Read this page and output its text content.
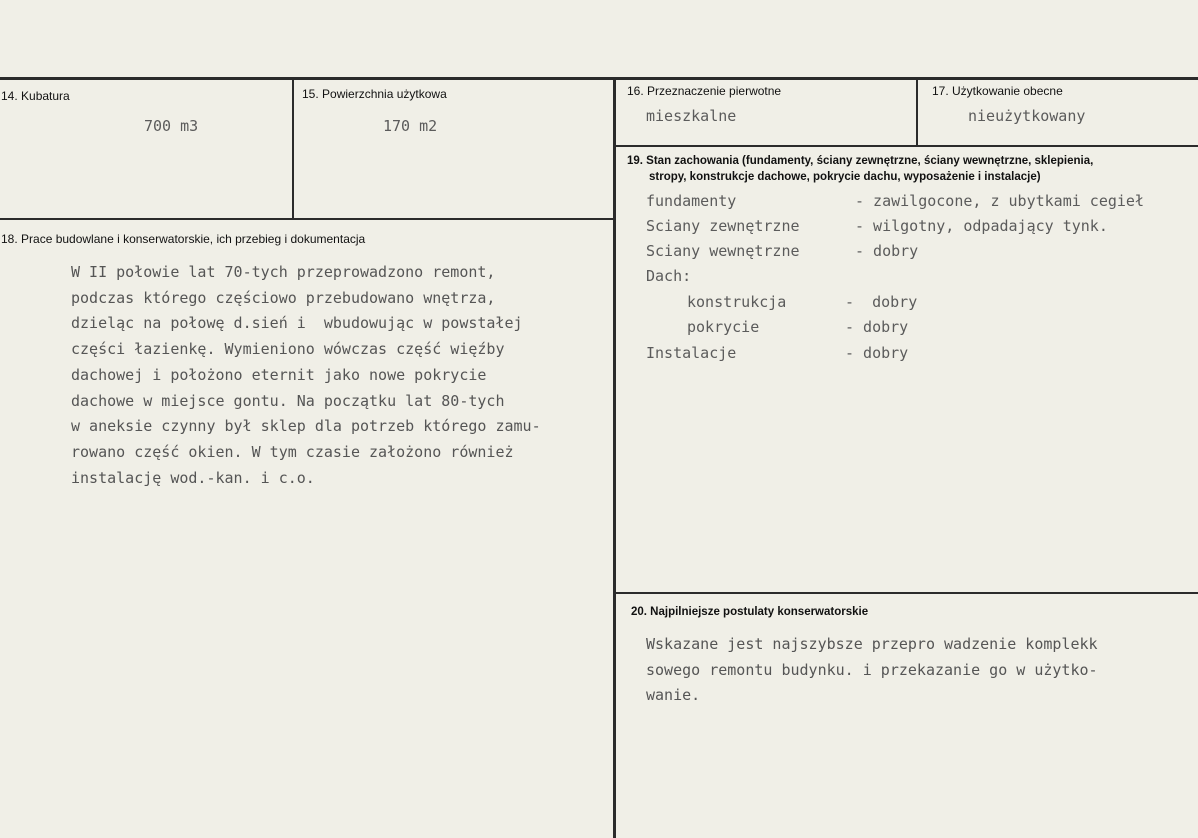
14. Kubatura
700 m3
15. Powierzchnia użytkowa
170 m2
16. Przeznaczenie pierwotne
mieszkalne
17. Użytkowanie obecne
nieużytkowany
18. Prace budowlane i konserwatorskie, ich przebieg i dokumentacja
W II połowie lat 70-tych przeprowadzono remont,
podczas którego częściowo przebudowano wnętrza,
dzieląc na połowę d.sień i  wbudowując w powstałej
części łazienkę. Wymieniono wówczas część więźby
dachowej i położono eternit jako nowe pokrycie
dachowe w miejsce gontu. Na początku lat 80-tych
w aneksie czynny był sklep dla potrzeb którego zamu-
rowano część okien. W tym czasie założono również
instalację wod.-kan. i c.o.
19. Stan zachowania (fundamenty, ściany zewnętrzne, ściany wewnętrzne, sklepienia,
stropy, konstrukcje dachowe, pokrycie dachu, wyposażenie i instalacje)
fundamenty	- zawilgocone, z ubytkami cegieł
Sciany zewnętrzne	- wilgotny, odpadający tynk.
Sciany wewnętrzne	- dobry
Dach:
konstrukcja	-  dobry
pokrycie	- dobry
Instalacje	- dobry
20. Najpilniejsze postulaty konserwatorskie
Wskazane jest najszybsze przepro wadzenie komplekk
sowego remontu budynku. i przekazanie go w użytko-
wanie.
